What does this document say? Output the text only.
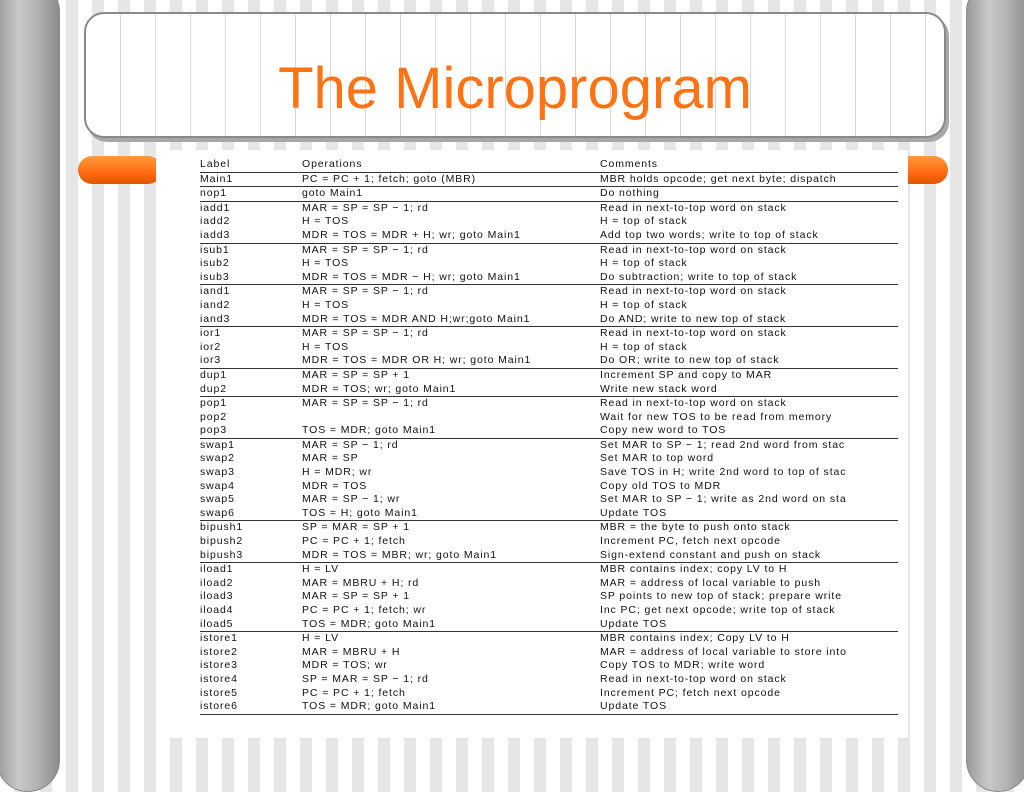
The Microprogram
Label	Operations	Comments
Main1	PC = PC + 1; fetch; goto (MBR)	MBR holds opcode; get next byte; dispatch
nop1	goto Main1	Do nothing
iadd1	MAR = SP = SP − 1; rd	Read in next-to-top word on stack
iadd2	H = TOS	H = top of stack
iadd3	MDR = TOS = MDR + H; wr; goto Main1	Add top two words; write to top of stack
isub1	MAR = SP = SP − 1; rd	Read in next-to-top word on stack
isub2	H = TOS	H = top of stack
isub3	MDR = TOS = MDR − H; wr; goto Main1	Do subtraction; write to top of stack
iand1	MAR = SP = SP − 1; rd	Read in next-to-top word on stack
iand2	H = TOS	H = top of stack
iand3	MDR = TOS = MDR AND H;wr;goto Main1	Do AND; write to new top of stack
ior1	MAR = SP = SP − 1; rd	Read in next-to-top word on stack
ior2	H = TOS	H = top of stack
ior3	MDR = TOS = MDR OR H; wr; goto Main1	Do OR; write to new top of stack
dup1	MAR = SP = SP + 1	Increment SP and copy to MAR
dup2	MDR = TOS; wr; goto Main1	Write new stack word
pop1	MAR = SP = SP − 1; rd	Read in next-to-top word on stack
pop2		Wait for new TOS to be read from memory
pop3	TOS = MDR; goto Main1	Copy new word to TOS
swap1	MAR = SP − 1; rd	Set MAR to SP − 1; read 2nd word from stac
swap2	MAR = SP	Set MAR to top word
swap3	H = MDR; wr	Save TOS in H; write 2nd word to top of stac
swap4	MDR = TOS	Copy old TOS to MDR
swap5	MAR = SP − 1; wr	Set MAR to SP − 1; write as 2nd word on sta
swap6	TOS = H; goto Main1	Update TOS
bipush1	SP = MAR = SP + 1	MBR = the byte to push onto stack
bipush2	PC = PC + 1; fetch	Increment PC, fetch next opcode
bipush3	MDR = TOS = MBR; wr; goto Main1	Sign-extend constant and push on stack
iload1	H = LV	MBR contains index; copy LV to H
iload2	MAR = MBRU + H; rd	MAR = address of local variable to push
iload3	MAR = SP = SP + 1	SP points to new top of stack; prepare write
iload4	PC = PC + 1; fetch; wr	Inc PC; get next opcode; write top of stack
iload5	TOS = MDR; goto Main1	Update TOS
istore1	H = LV	MBR contains index; Copy LV to H
istore2	MAR = MBRU + H	MAR = address of local variable to store into
istore3	MDR = TOS; wr	Copy TOS to MDR; write word
istore4	SP = MAR = SP − 1; rd	Read in next-to-top word on stack
istore5	PC = PC + 1; fetch	Increment PC; fetch next opcode
istore6	TOS = MDR; goto Main1	Update TOS
